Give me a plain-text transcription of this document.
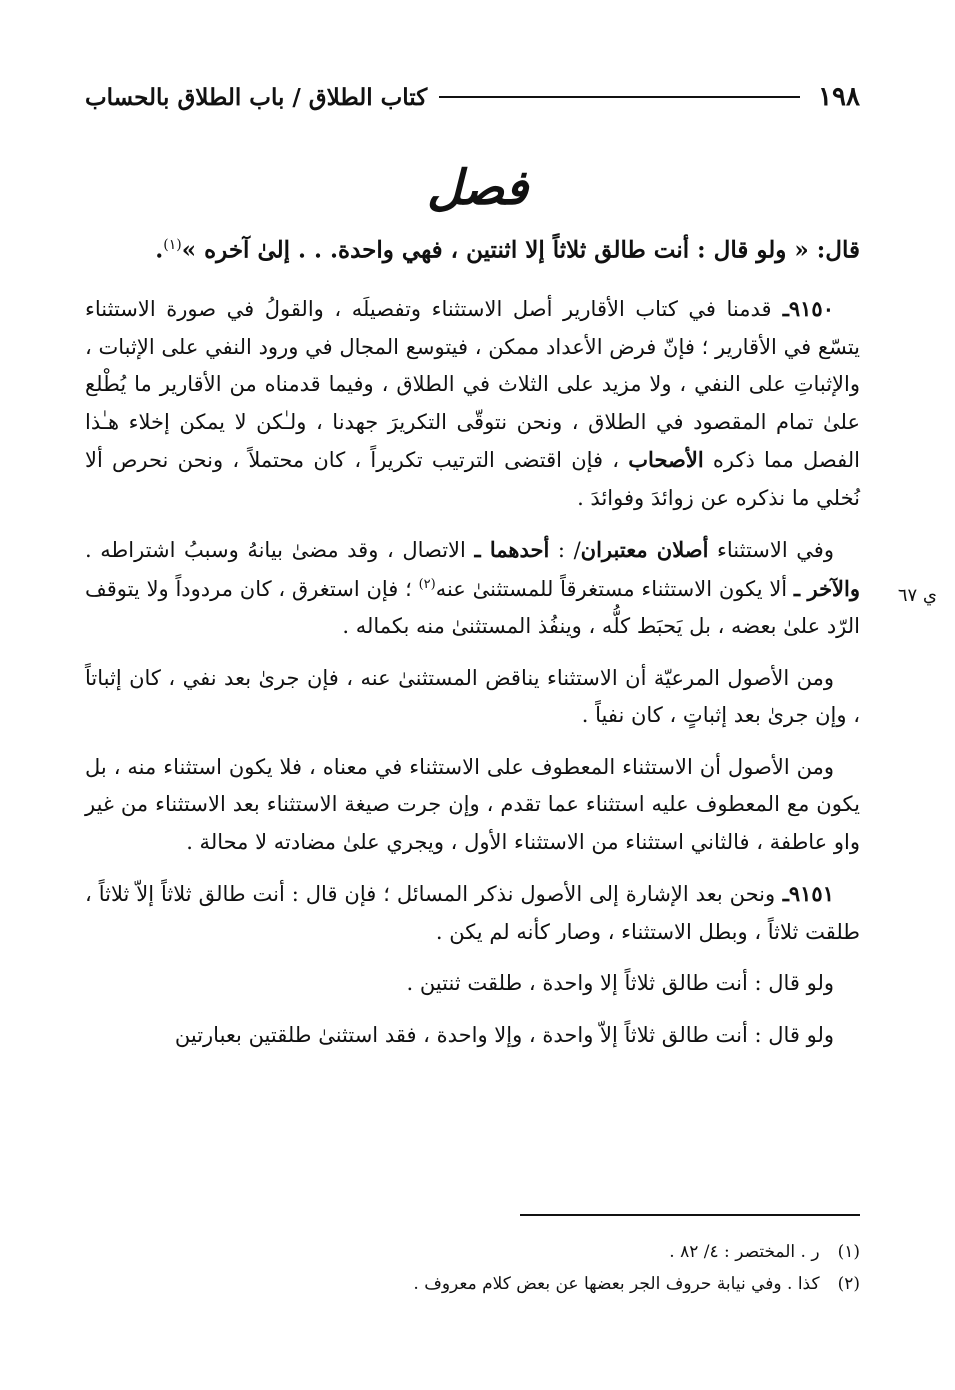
١٩٨
كتاب الطلاق / باب الطلاق بالحساب
فصل
قال: « ولو قال : أنت طالق ثلاثاً إلا اثنتين ، فهي واحدة. . . إلىٰ آخره »$^{(١)}$.
ي ٦٧

٩١٥٠ـ قدمنا في كتاب الأقارير أصل الاستثناء وتفصيلَه ، والقولُ في صورة الاستثناء يتسّع في الأقارير ؛ فإنّ فرض الأعداد ممكن ، فيتوسع المجال في ورود النفي على الإثبات ، والإثباتِ على النفي ، ولا مزيد على الثلاث في الطلاق ، وفيما قدمناه من الأقارير ما يُطْلع علىٰ تمام المقصود في الطلاق ، ونحن نتوقّى التكريرَ جهدنا ، ولـٰكن لا يمكن إخلاء هـٰذا الفصل مما ذكره الأصحاب ، فإن اقتضى الترتيب تكريراً ، كان محتملاً ، ونحن نحرص ألا نُخلي ما نذكره عن زوائدَ وفوائدَ .

وفي الاستثناء أصلان معتبران/ : أحدهما ـ الاتصال ، وقد مضىٰ بيانهُ وسببُ اشتراطه . والآخر ـ ألا يكون الاستثناء مستغرقاً للمستثنىٰ عنه$^{(٢)}$ ؛ فإن استغرق ، كان مردوداً ولا يتوقف الرّد علىٰ بعضه ، بل يَحبَط كلُّه ، وينفُذ المستثنىٰ منه بكماله .

ومن الأصول المرعيّة أن الاستثناء يناقض المستثنىٰ عنه ، فإن جرىٰ بعد نفي ، كان إثباتاً ، وإن جرىٰ بعد إثباتٍ ، كان نفياً .

ومن الأصول أن الاستثناء المعطوف على الاستثناء في معناه ، فلا يكون استثناء منه ، بل يكون مع المعطوف عليه استثناء عما تقدم ، وإن جرت صيغة الاستثناء بعد الاستثناء من غير واو عاطفة ، فالثاني استثناء من الاستثناء الأول ، ويجري علىٰ مضادته لا محالة .

٩١٥١ـ ونحن بعد الإشارة إلى الأصول نذكر المسائل ؛ فإن قال : أنت طالق ثلاثاً إلاّ ثلاثاً ، طلقت ثلاثاً ، وبطل الاستثناء ، وصار كأنه لم يكن .

ولو قال : أنت طالق ثلاثاً إلا واحدة ، طلقت ثنتين .

ولو قال : أنت طالق ثلاثاً إلاّ واحدة ، وإلا واحدة ، فقد استثنىٰ طلقتين بعبارتين

(١)ر . المختصر : ٤/ ٨٢ .

(٢)كذا . وفي نيابة حروف الجر بعضها عن بعض كلام معروف .
